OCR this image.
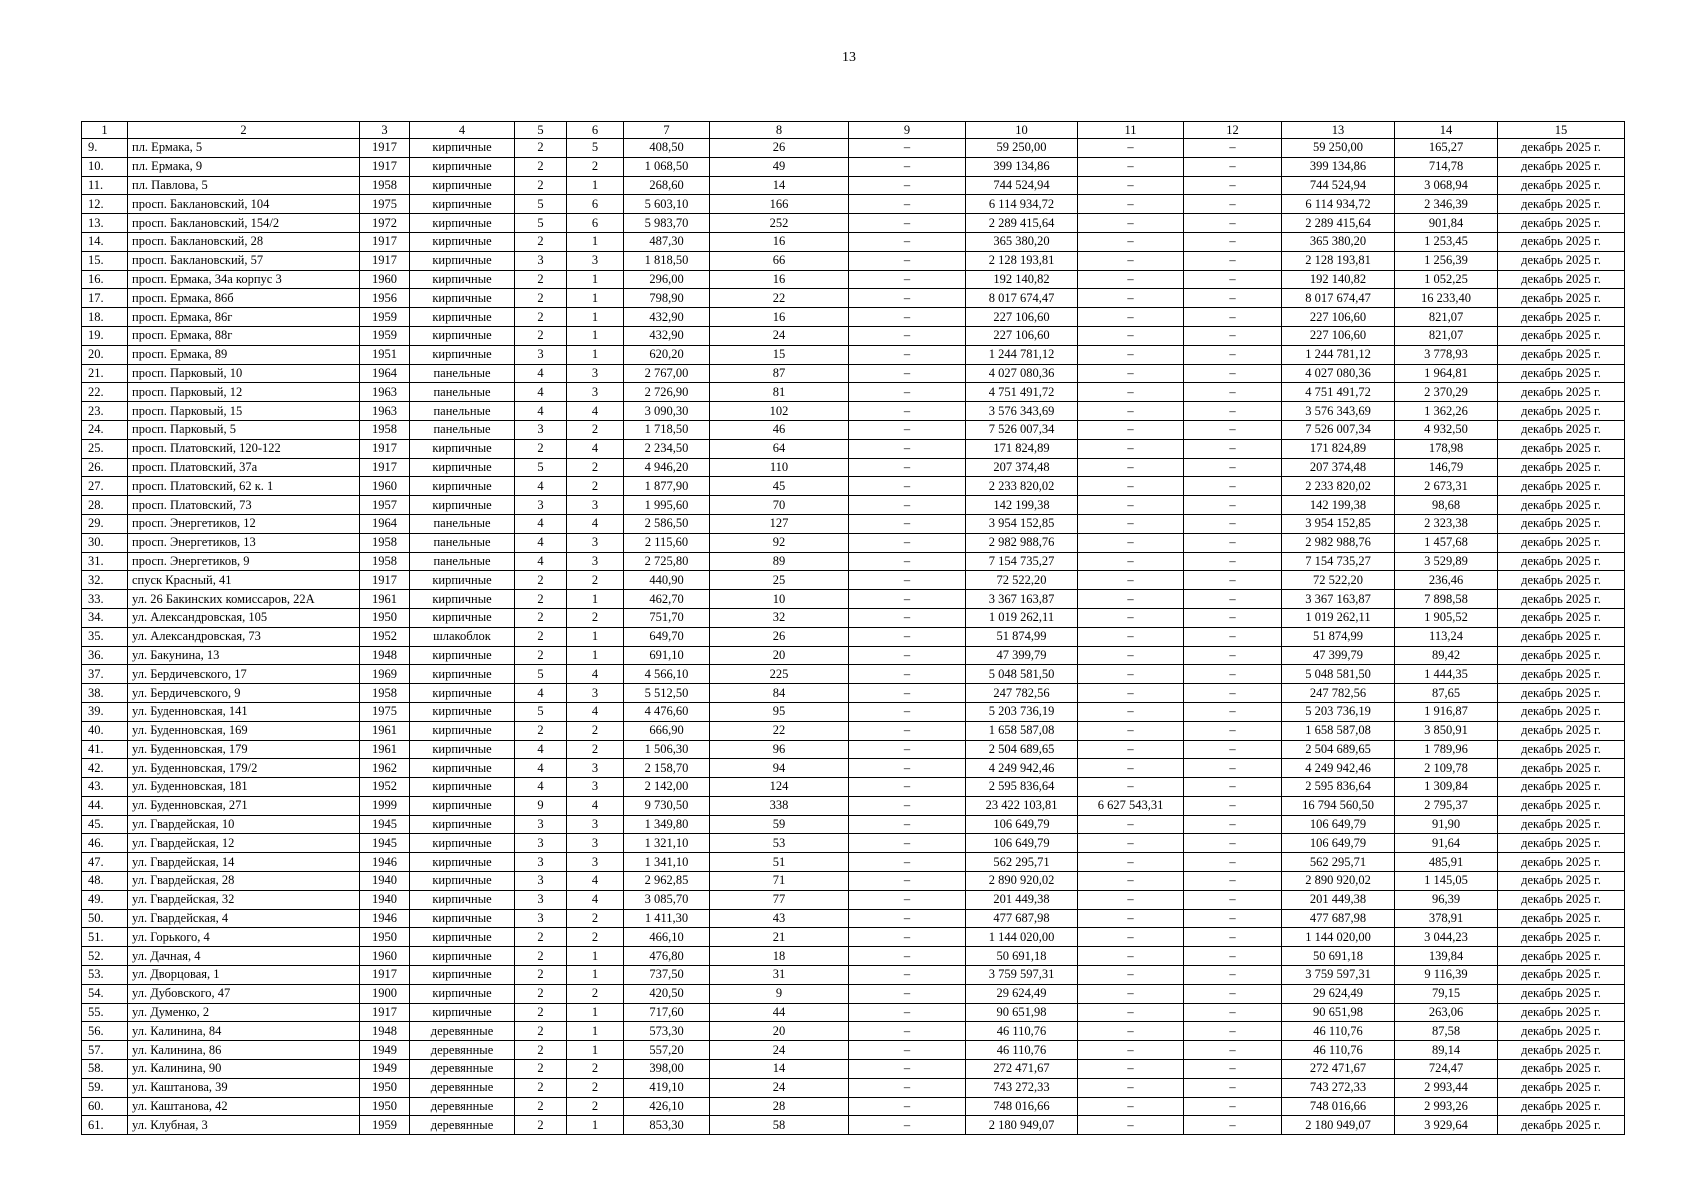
13
1	2	3	4	5	6	7	8	9	10	11	12	13	14	15
9.	пл. Ермака, 5	1917	кирпичные	2	5	408,50	26	–	59 250,00	–	–	59 250,00	165,27	декабрь 2025 г.
10.	пл. Ермака, 9	1917	кирпичные	2	2	1 068,50	49	–	399 134,86	–	–	399 134,86	714,78	декабрь 2025 г.
11.	пл. Павлова, 5	1958	кирпичные	2	1	268,60	14	–	744 524,94	–	–	744 524,94	3 068,94	декабрь 2025 г.
12.	просп. Баклановский, 104	1975	кирпичные	5	6	5 603,10	166	–	6 114 934,72	–	–	6 114 934,72	2 346,39	декабрь 2025 г.
13.	просп. Баклановский, 154/2	1972	кирпичные	5	6	5 983,70	252	–	2 289 415,64	–	–	2 289 415,64	901,84	декабрь 2025 г.
14.	просп. Баклановский, 28	1917	кирпичные	2	1	487,30	16	–	365 380,20	–	–	365 380,20	1 253,45	декабрь 2025 г.
15.	просп. Баклановский, 57	1917	кирпичные	3	3	1 818,50	66	–	2 128 193,81	–	–	2 128 193,81	1 256,39	декабрь 2025 г.
16.	просп. Ермака, 34а корпус 3	1960	кирпичные	2	1	296,00	16	–	192 140,82	–	–	192 140,82	1 052,25	декабрь 2025 г.
17.	просп. Ермака, 86б	1956	кирпичные	2	1	798,90	22	–	8 017 674,47	–	–	8 017 674,47	16 233,40	декабрь 2025 г.
18.	просп. Ермака, 86г	1959	кирпичные	2	1	432,90	16	–	227 106,60	–	–	227 106,60	821,07	декабрь 2025 г.
19.	просп. Ермака, 88г	1959	кирпичные	2	1	432,90	24	–	227 106,60	–	–	227 106,60	821,07	декабрь 2025 г.
20.	просп. Ермака, 89	1951	кирпичные	3	1	620,20	15	–	1 244 781,12	–	–	1 244 781,12	3 778,93	декабрь 2025 г.
21.	просп. Парковый, 10	1964	панельные	4	3	2 767,00	87	–	4 027 080,36	–	–	4 027 080,36	1 964,81	декабрь 2025 г.
22.	просп. Парковый, 12	1963	панельные	4	3	2 726,90	81	–	4 751 491,72	–	–	4 751 491,72	2 370,29	декабрь 2025 г.
23.	просп. Парковый, 15	1963	панельные	4	4	3 090,30	102	–	3 576 343,69	–	–	3 576 343,69	1 362,26	декабрь 2025 г.
24.	просп. Парковый, 5	1958	панельные	3	2	1 718,50	46	–	7 526 007,34	–	–	7 526 007,34	4 932,50	декабрь 2025 г.
25.	просп. Платовский, 120-122	1917	кирпичные	2	4	2 234,50	64	–	171 824,89	–	–	171 824,89	178,98	декабрь 2025 г.
26.	просп. Платовский, 37а	1917	кирпичные	5	2	4 946,20	110	–	207 374,48	–	–	207 374,48	146,79	декабрь 2025 г.
27.	просп. Платовский, 62 к. 1	1960	кирпичные	4	2	1 877,90	45	–	2 233 820,02	–	–	2 233 820,02	2 673,31	декабрь 2025 г.
28.	просп. Платовский, 73	1957	кирпичные	3	3	1 995,60	70	–	142 199,38	–	–	142 199,38	98,68	декабрь 2025 г.
29.	просп. Энергетиков, 12	1964	панельные	4	4	2 586,50	127	–	3 954 152,85	–	–	3 954 152,85	2 323,38	декабрь 2025 г.
30.	просп. Энергетиков, 13	1958	панельные	4	3	2 115,60	92	–	2 982 988,76	–	–	2 982 988,76	1 457,68	декабрь 2025 г.
31.	просп. Энергетиков, 9	1958	панельные	4	3	2 725,80	89	–	7 154 735,27	–	–	7 154 735,27	3 529,89	декабрь 2025 г.
32.	спуск Красный, 41	1917	кирпичные	2	2	440,90	25	–	72 522,20	–	–	72 522,20	236,46	декабрь 2025 г.
33.	ул. 26 Бакинских комиссаров, 22А	1961	кирпичные	2	1	462,70	10	–	3 367 163,87	–	–	3 367 163,87	7 898,58	декабрь 2025 г.
34.	ул. Александровская, 105	1950	кирпичные	2	2	751,70	32	–	1 019 262,11	–	–	1 019 262,11	1 905,52	декабрь 2025 г.
35.	ул. Александровская, 73	1952	шлакоблок	2	1	649,70	26	–	51 874,99	–	–	51 874,99	113,24	декабрь 2025 г.
36.	ул. Бакунина, 13	1948	кирпичные	2	1	691,10	20	–	47 399,79	–	–	47 399,79	89,42	декабрь 2025 г.
37.	ул. Бердичевского, 17	1969	кирпичные	5	4	4 566,10	225	–	5 048 581,50	–	–	5 048 581,50	1 444,35	декабрь 2025 г.
38.	ул. Бердичевского, 9	1958	кирпичные	4	3	5 512,50	84	–	247 782,56	–	–	247 782,56	87,65	декабрь 2025 г.
39.	ул. Буденновская, 141	1975	кирпичные	5	4	4 476,60	95	–	5 203 736,19	–	–	5 203 736,19	1 916,87	декабрь 2025 г.
40.	ул. Буденновская, 169	1961	кирпичные	2	2	666,90	22	–	1 658 587,08	–	–	1 658 587,08	3 850,91	декабрь 2025 г.
41.	ул. Буденновская, 179	1961	кирпичные	4	2	1 506,30	96	–	2 504 689,65	–	–	2 504 689,65	1 789,96	декабрь 2025 г.
42.	ул. Буденновская, 179/2	1962	кирпичные	4	3	2 158,70	94	–	4 249 942,46	–	–	4 249 942,46	2 109,78	декабрь 2025 г.
43.	ул. Буденновская, 181	1952	кирпичные	4	3	2 142,00	124	–	2 595 836,64	–	–	2 595 836,64	1 309,84	декабрь 2025 г.
44.	ул. Буденновская, 271	1999	кирпичные	9	4	9 730,50	338	–	23 422 103,81	6 627 543,31	–	16 794 560,50	2 795,37	декабрь 2025 г.
45.	ул. Гвардейская, 10	1945	кирпичные	3	3	1 349,80	59	–	106 649,79	–	–	106 649,79	91,90	декабрь 2025 г.
46.	ул. Гвардейская, 12	1945	кирпичные	3	3	1 321,10	53	–	106 649,79	–	–	106 649,79	91,64	декабрь 2025 г.
47.	ул. Гвардейская, 14	1946	кирпичные	3	3	1 341,10	51	–	562 295,71	–	–	562 295,71	485,91	декабрь 2025 г.
48.	ул. Гвардейская, 28	1940	кирпичные	3	4	2 962,85	71	–	2 890 920,02	–	–	2 890 920,02	1 145,05	декабрь 2025 г.
49.	ул. Гвардейская, 32	1940	кирпичные	3	4	3 085,70	77	–	201 449,38	–	–	201 449,38	96,39	декабрь 2025 г.
50.	ул. Гвардейская, 4	1946	кирпичные	3	2	1 411,30	43	–	477 687,98	–	–	477 687,98	378,91	декабрь 2025 г.
51.	ул. Горького, 4	1950	кирпичные	2	2	466,10	21	–	1 144 020,00	–	–	1 144 020,00	3 044,23	декабрь 2025 г.
52.	ул. Дачная, 4	1960	кирпичные	2	1	476,80	18	–	50 691,18	–	–	50 691,18	139,84	декабрь 2025 г.
53.	ул. Дворцовая, 1	1917	кирпичные	2	1	737,50	31	–	3 759 597,31	–	–	3 759 597,31	9 116,39	декабрь 2025 г.
54.	ул. Дубовского, 47	1900	кирпичные	2	2	420,50	9	–	29 624,49	–	–	29 624,49	79,15	декабрь 2025 г.
55.	ул. Думенко, 2	1917	кирпичные	2	1	717,60	44	–	90 651,98	–	–	90 651,98	263,06	декабрь 2025 г.
56.	ул. Калинина, 84	1948	деревянные	2	1	573,30	20	–	46 110,76	–	–	46 110,76	87,58	декабрь 2025 г.
57.	ул. Калинина, 86	1949	деревянные	2	1	557,20	24	–	46 110,76	–	–	46 110,76	89,14	декабрь 2025 г.
58.	ул. Калинина, 90	1949	деревянные	2	2	398,00	14	–	272 471,67	–	–	272 471,67	724,47	декабрь 2025 г.
59.	ул. Каштанова, 39	1950	деревянные	2	2	419,10	24	–	743 272,33	–	–	743 272,33	2 993,44	декабрь 2025 г.
60.	ул. Каштанова, 42	1950	деревянные	2	2	426,10	28	–	748 016,66	–	–	748 016,66	2 993,26	декабрь 2025 г.
61.	ул. Клубная, 3	1959	деревянные	2	1	853,30	58	–	2 180 949,07	–	–	2 180 949,07	3 929,64	декабрь 2025 г.
